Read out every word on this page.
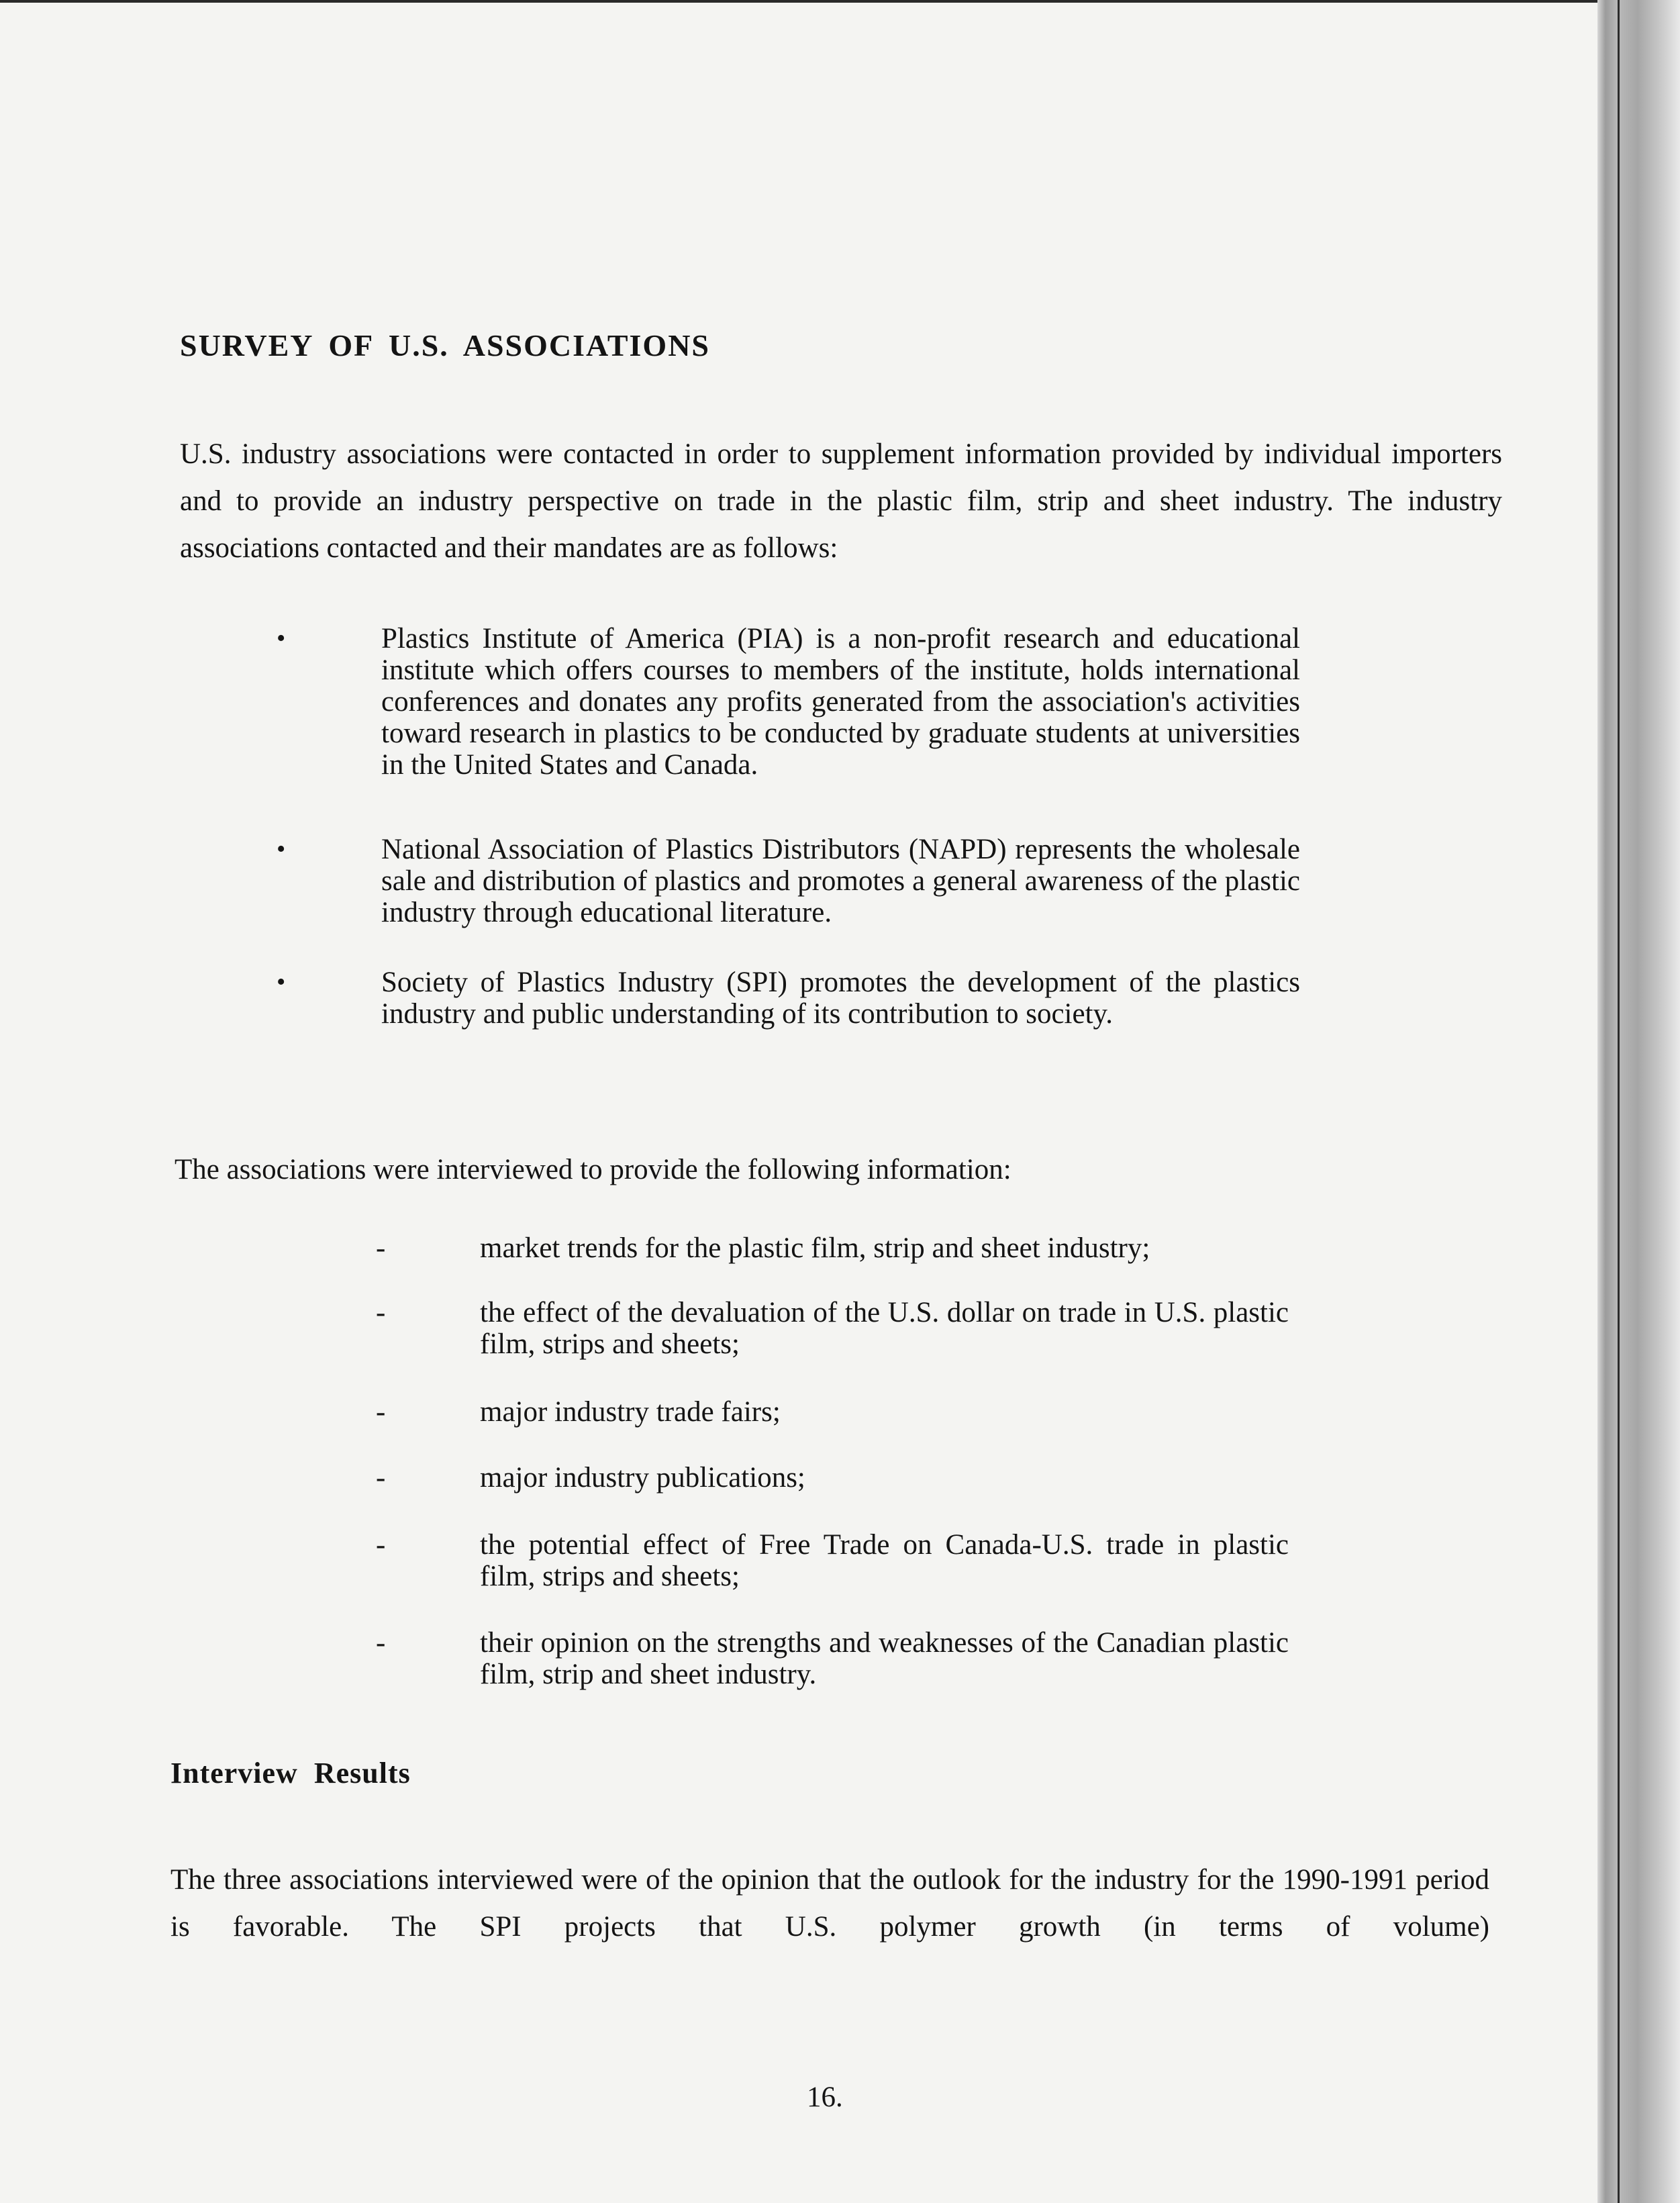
SURVEY OF U.S. ASSOCIATIONS

U.S. industry associations were contacted in order to supplement information provided by individual importers and to provide an industry perspective on trade in the plastic film, strip and sheet industry. The industry associations contacted and their mandates are as follows:

•	Plastics Institute of America (PIA) is a non-profit research and educational institute which offers courses to members of the institute, holds international conferences and donates any profits generated from the association's activities toward research in plastics to be conducted by graduate students at universities in the United States and Canada.
•	National Association of Plastics Distributors (NAPD) represents the wholesale sale and distribution of plastics and promotes a general awareness of the plastic industry through educational literature.
•	Society of Plastics Industry (SPI) promotes the development of the plastics industry and public understanding of its contribution to society.

The associations were interviewed to provide the following information:

-	market trends for the plastic film, strip and sheet industry;
-	the effect of the devaluation of the U.S. dollar on trade in U.S. plastic film, strips and sheets;
-	major industry trade fairs;
-	major industry publications;
-	the potential effect of Free Trade on Canada-U.S. trade in plastic film, strips and sheets;
-	their opinion on the strengths and weaknesses of the Canadian plastic film, strip and sheet industry.
Interview Results

The three associations interviewed were of the opinion that the outlook for the industry for the 1990-1991 period is favorable. The SPI projects that U.S. polymer growth (in terms of volume)

16.
